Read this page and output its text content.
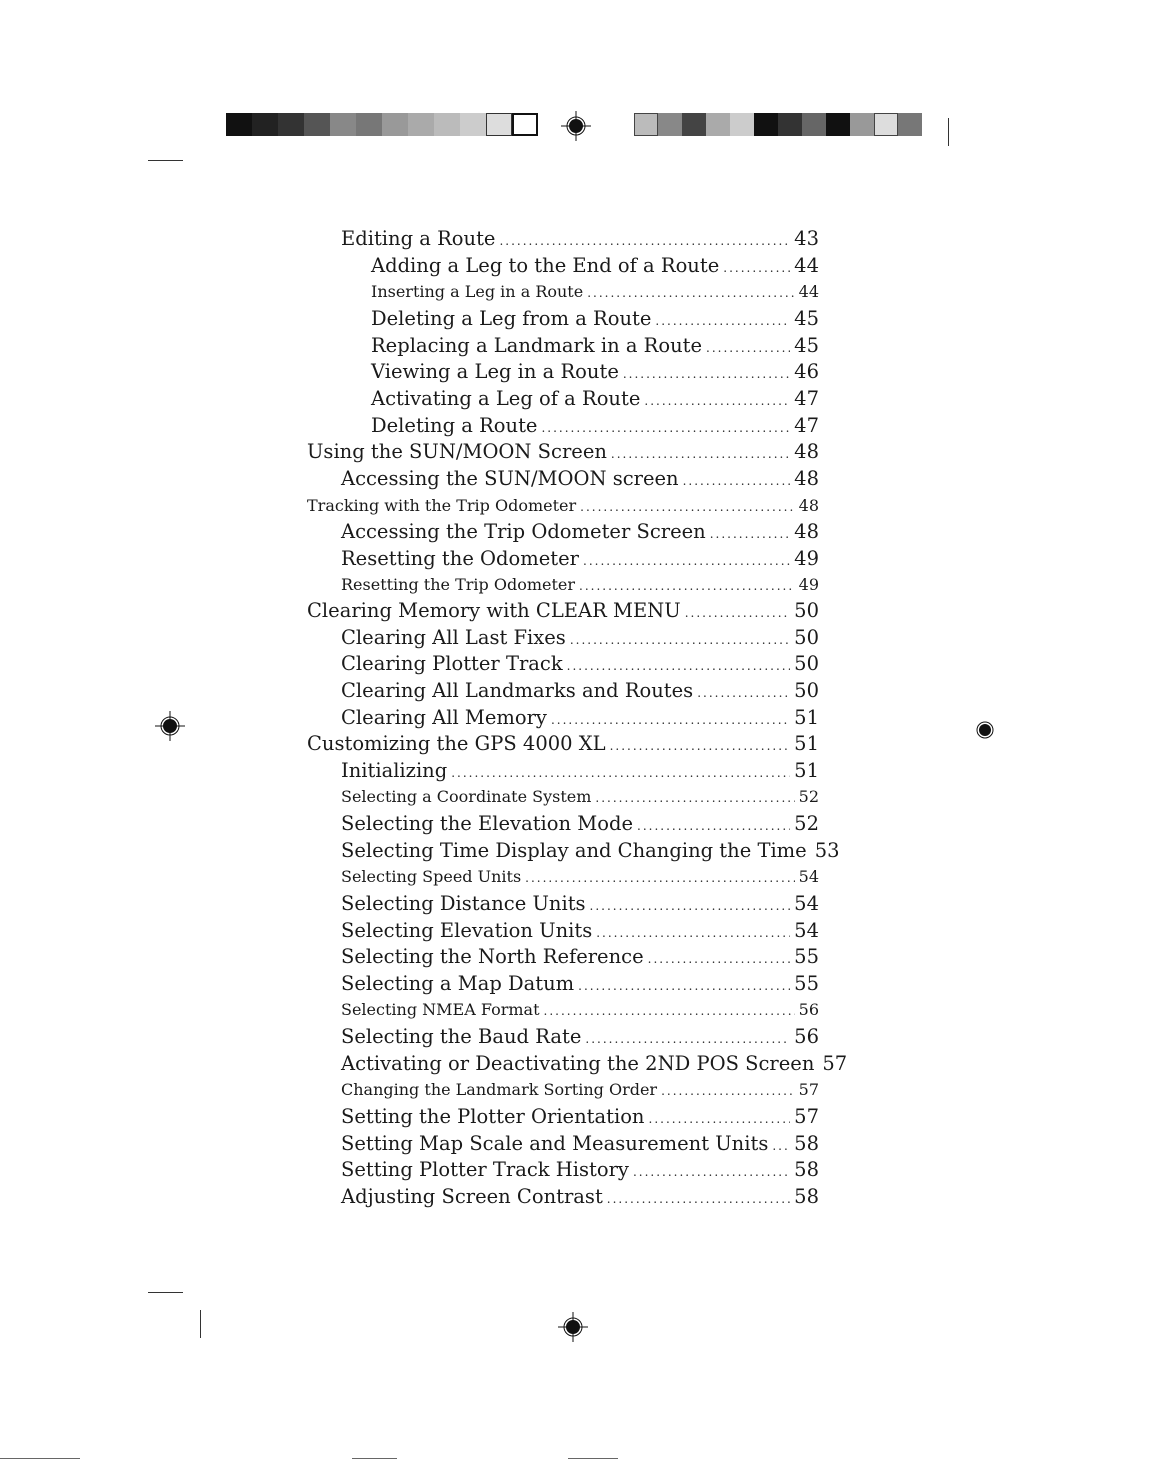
Editing a Route .....	43
Adding a Leg to the End of a Route .....	44
Inserting a Leg in a Route .....	44
Deleting a Leg from a Route .....	45
Replacing a Landmark in a Route .....	45
Viewing a Leg in a Route .....	46
Activating a Leg of a Route .....	47
Deleting a Route .....	47
Using the SUN/MOON Screen .....	48
Accessing the SUN/MOON screen .....	48
Tracking with the Trip Odometer .....	48
Accessing the Trip Odometer Screen .....	48
Resetting the Odometer .....	49
Resetting the Trip Odometer .....	49
Clearing Memory with CLEAR MENU .....	50
Clearing All Last Fixes .....	50
Clearing Plotter Track .....	50
Clearing All Landmarks and Routes .....	50
Clearing All Memory .....	51
Customizing the GPS 4000 XL .....	51
Initializing .....	51
Selecting a Coordinate System .....	52
Selecting the Elevation Mode .....	52
Selecting Time Display and Changing the Time 53
Selecting Speed Units .....	54
Selecting Distance Units .....	54
Selecting Elevation Units .....	54
Selecting the North Reference .....	55
Selecting a Map Datum .....	55
Selecting NMEA Format .....	56
Selecting the Baud Rate .....	56
Activating or Deactivating the 2ND POS Screen 57
Changing the Landmark Sorting Order .....	57
Setting the Plotter Orientation .....	57
Setting Map Scale and Measurement Units ..... 58
Setting Plotter Track History .....	58
Adjusting Screen Contrast .....	58
